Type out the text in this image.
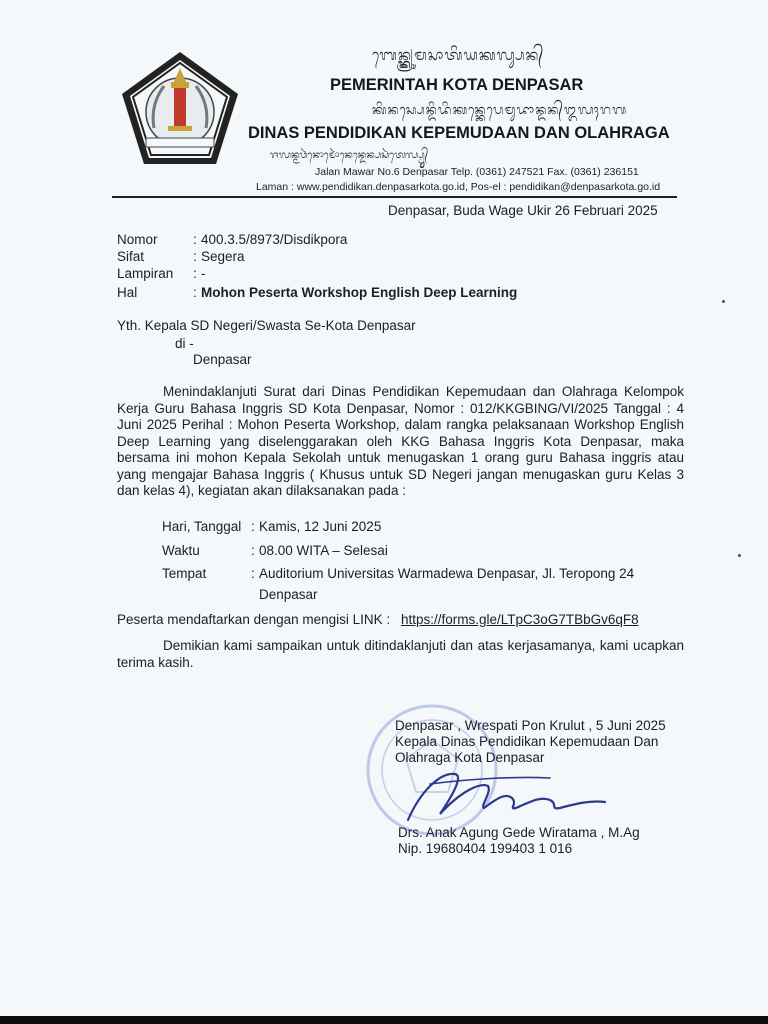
ᬩᬾᬦ᭄ᬢ᭄ᬓ᭄ᬭᬸᬫᬲᬵᬢᬶᬬᬓᬮ᭄ᬲᬦ᭄
PEMERINTAH KOTA DENPASAR
ᬓᬶᬦᬲ᭄ᬧᬾᬦ᭄ᬤᬶᬤᬶᬓᬦ᭄ᬓᬾᬧᬾᬫᬸᬤᬵᬦ᭄ᬤᬦ᭄ᬑᬮᬄᬭᬕ
DINAS PENDIDIKAN KEPEMUDAAN DAN OLAHRAGA
ᬚᬮᬦ᭄ᬫᬯᬃᬦᭀᬫᭀᬃᬦᬾᬦ᭄ᬤᬾᬦ᭄ᬧᬲᬃᬢᬾᬮ᭄ᬧ᭄ᬯ᭄ᬯ᭄ᬯ᭄ᬯ᭄ᬯ᭄ᬯ᭄ᬯ᭄
Jalan Mawar No.6 Denpasar Telp. (0361) 247521 Fax. (0361) 236151
Laman : www.pendidikan.denpasarkota.go.id, Pos-el : pendidikan@denpasarkota.go.id
Denpasar, Buda Wage Ukir 26 Februari 2025
Nomor	: 400.3.5/8973/Disdikpora
Sifat	: Segera
Lampiran : -
Hal	: Mohon Peserta Workshop English Deep Learning
Yth. Kepala SD Negeri/Swasta Se-Kota Denpasar
di -
Denpasar
Menindaklanjuti Surat dari Dinas Pendidikan Kepemudaan dan Olahraga Kelompok Kerja Guru Bahasa Inggris SD Kota Denpasar, Nomor : 012/KKGBING/VI/2025 Tanggal : 4 Juni 2025 Perihal : Mohon Peserta Workshop, dalam rangka pelaksanaan Workshop English Deep Learning yang diselenggarakan oleh KKG Bahasa Inggris Kota Denpasar, maka bersama ini mohon Kepala Sekolah untuk menugaskan 1 orang guru Bahasa inggris atau yang mengajar Bahasa Inggris ( Khusus untuk SD Negeri jangan menugaskan guru Kelas 3 dan kelas 4), kegiatan akan dilaksanakan pada :
Hari, Tanggal : Kamis, 12 Juni 2025
Waktu	: 08.00 WITA – Selesai
Tempat	: Auditorium Universitas Warmadewa Denpasar, Jl. Teropong 24
Denpasar
Peserta mendaftarkan dengan mengisi LINK : https://forms.gle/LTpC3oG7TBbGv6qF8
Demikian kami sampaikan untuk ditindaklanjuti dan atas kerjasamanya, kami ucapkan terima kasih.
Denpasar , Wrespati Pon Krulut , 5 Juni 2025
Kepala Dinas Pendidikan Kepemudaan Dan
Olahraga Kota Denpasar
Drs. Anak Agung Gede Wiratama , M.Ag
Nip. 19680404 199403 1 016
